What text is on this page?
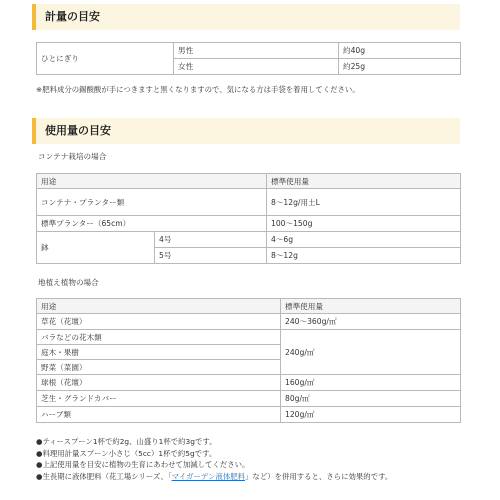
計量の目安
ひとにぎり	男性	約40g
	女性	約25g
※肥料成分の錫酸酸が手につきますと黒くなりますので、気になる方は手袋を着用してください。
使用量の目安
コンテナ栽培の場合
用途		標準使用量
コンテナ・プランター類		8～12g/用土L
標準プランター（65cm）		100～150g
鉢	4号	4～6g
	5号	8～12g
地植え植物の場合
用途	標準使用量
草花（花壇）	240～360g/㎡
バラなどの花木類	240g/㎡
庭木・果樹	
野菜（菜園）	
球根（花壇）	160g/㎡
芝生・グランドカバー	80g/㎡
ハーブ類	120g/㎡
●ティースプーン1杯で約2g、山盛り1杯で約3gです。
●料理用計量スプーン小さじ（5cc）1杯で約5gです。
●上記使用量を目安に植物の生育にあわせて加減してください。
●生長期に液体肥料（花工場シリーズ、「マイガーデン液体肥料」など）を併用すると、さらに効果的です。
